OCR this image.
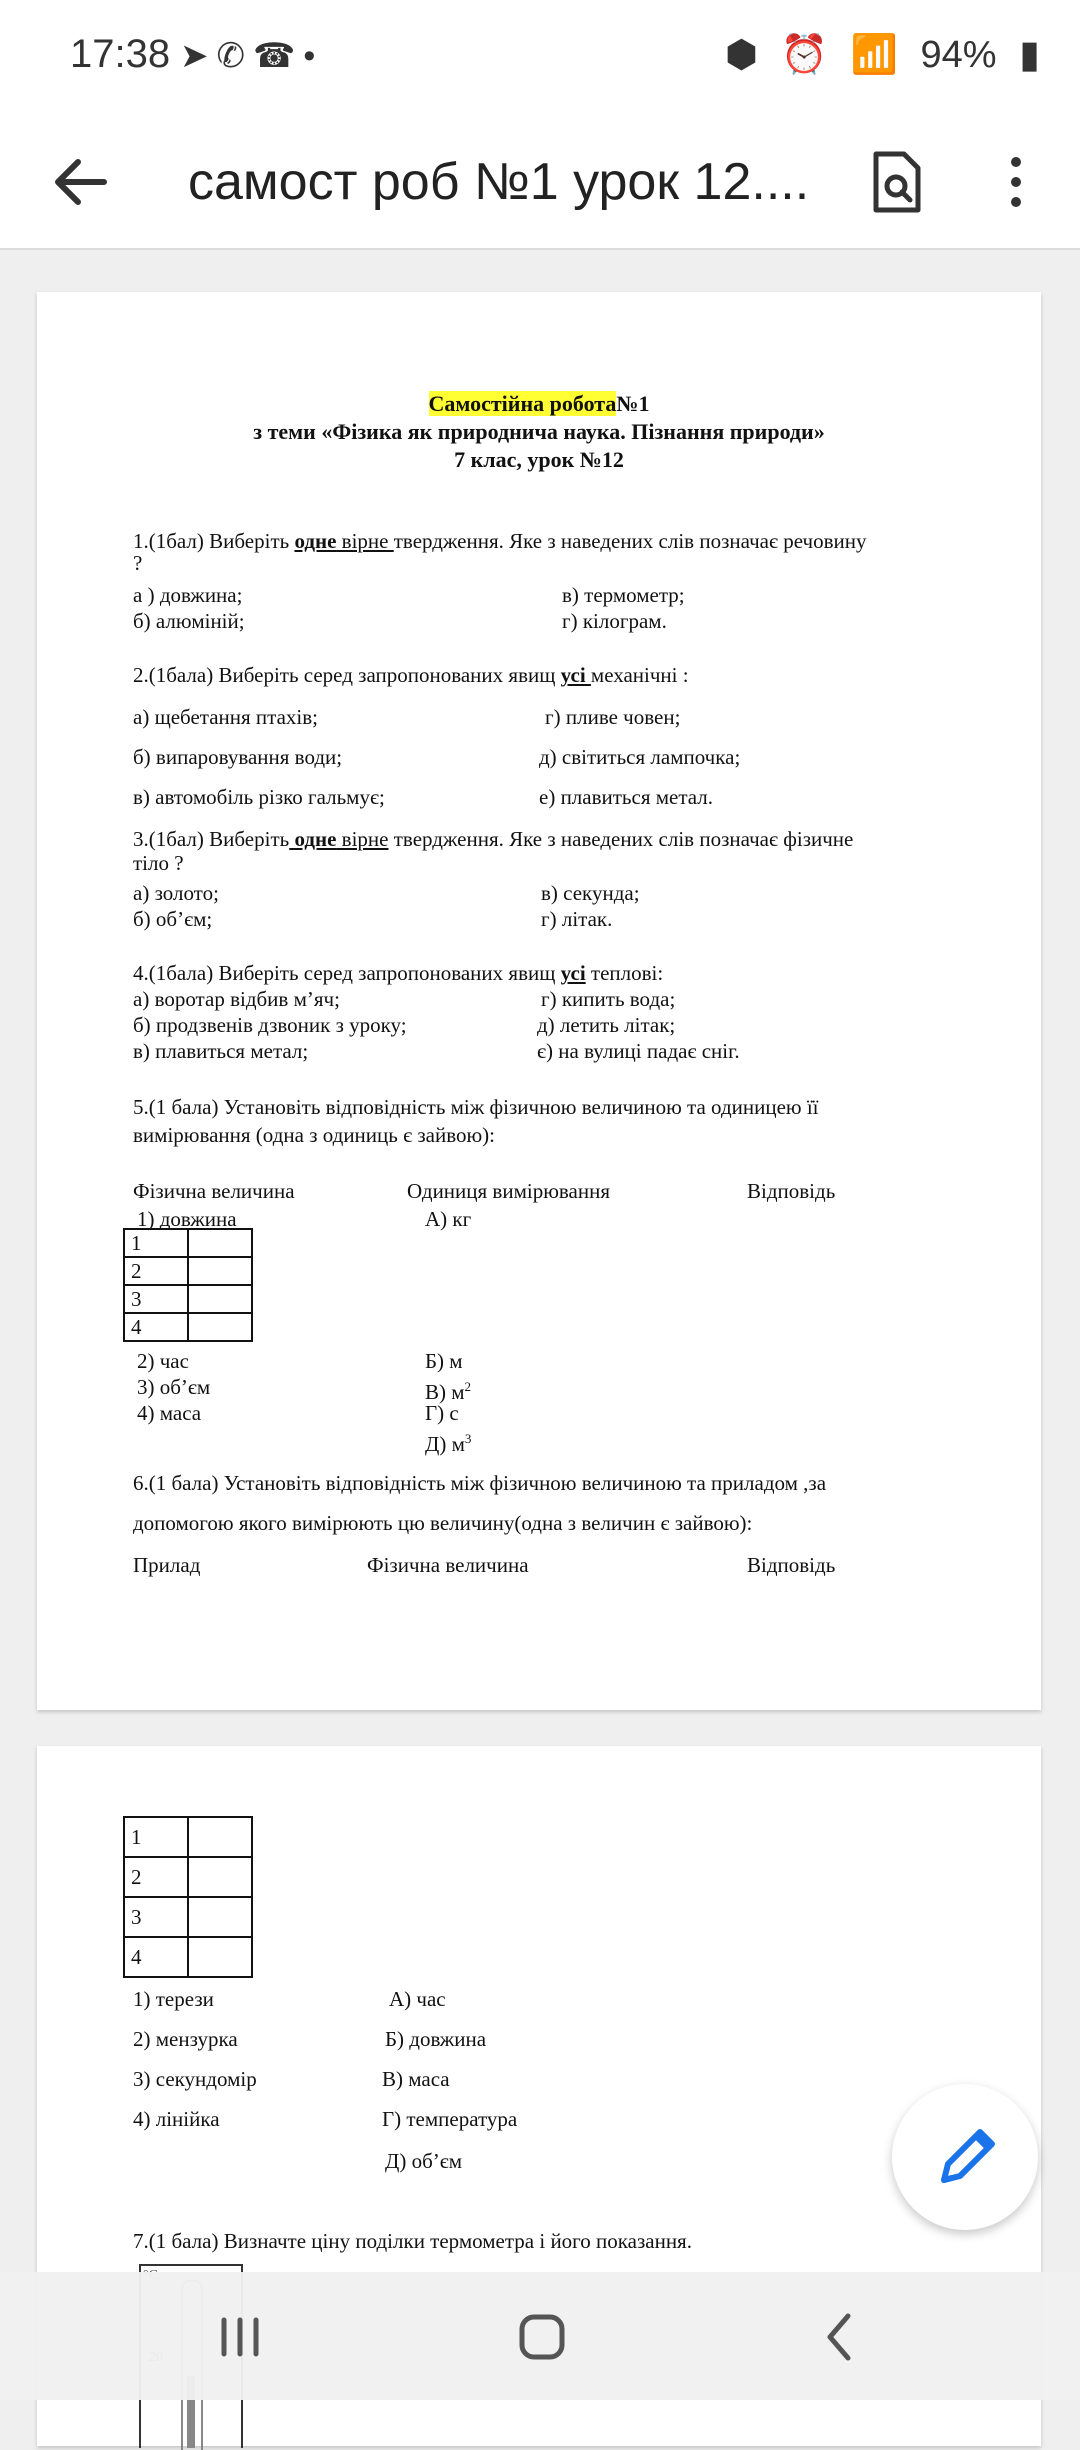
17:38 ➤✆☎•	⬢ ⏰ 📶 94% ▮
самост роб №1 урок 12....
Самостійна робота№1
з теми «Фізика як природнича наука. Пізнання природи»
7 клас, урок №12
1.(1бал) Виберіть одне вірне твердження. Яке з наведених слів позначає речовину
?
а ) довжина;	в) термометр;
б) алюміній;	г) кілограм.
2.(1бала) Виберіть серед запропонованих явищ усі механічні :
а) щебетання птахів;	г) пливе човен;
б) випаровування води;	д) світиться лампочка;
в) автомобіль різко гальмує;	е) плавиться метал.
3.(1бал) Виберіть одне вірне твердження. Яке з наведених слів позначає фізичне
тіло ?
а) золото;	в) секунда;
б) об’єм;	г) літак.
4.(1бала) Виберіть серед запропонованих явищ усі теплові:
а) воротар відбив м’яч;	г) кипить вода;
б) продзвенів дзвоник з уроку;	д) летить літак;
в) плавиться метал;	є) на вулиці падає сніг.
5.(1 бала) Установіть відповідність між фізичною величиною та одиницею її
вимірювання (одна з одиниць є зайвою):
Фізична величина	Одиниця вимірювання	Відповідь
1) довжина	А) кг
1	
2	
3	
4	
2) час	Б) м
3) об’єм	В) $м^2$
4) маса	Г) с
Д) $м^3$
6.(1 бала) Установіть відповідність між фізичною величиною та приладом ,за
допомогою якого вимірюють цю величину(одна з величин є зайвою):
Прилад	Фізична величина	Відповідь
1	
2	
3	
4	
1) терези	А) час
2) мензурка	Б) довжина
3) секундомір	В) маса
4) лінійка	Г) температура
Д) об’єм
7.(1 бала) Визначте ціну поділки термометра і його показання.
